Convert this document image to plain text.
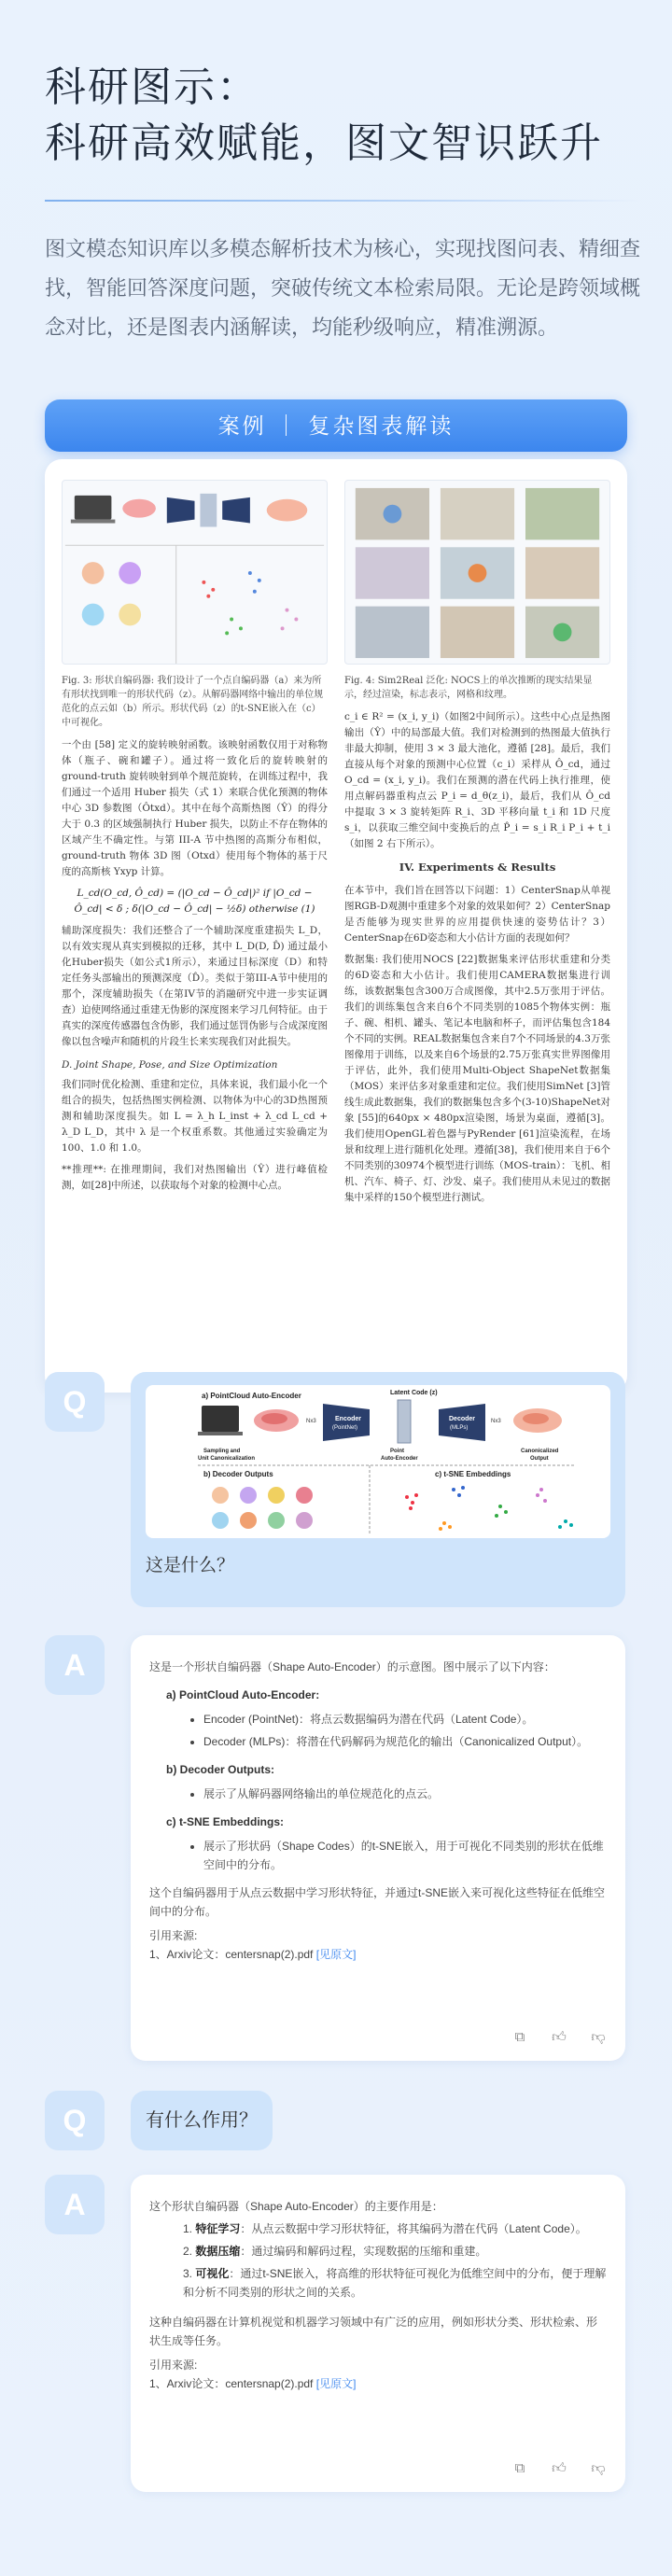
科研图示：
科研高效赋能，图文智识跃升

图文模态知识库以多模态解析技术为核心，实现找图问表、精细查找，智能回答深度问题，突破传统文本检索局限。无论是跨领域概念对比，还是图表内涵解读，均能秒级响应，精准溯源。

案例 ｜ 复杂图表解读
Fig. 3: 形状自编码器: 我们设计了一个点自编码器（a）来为所有形状找到唯一的形状代码（z）。从解码器网络中输出的单位规范化的点云如（b）所示。形状代码（z）的t-SNE嵌入在（c）中可视化。
一个由 [58] 定义的旋转映射函数。该映射函数仅用于对称物体（瓶子、碗和罐子）。通过将一致化后的旋转映射的 ground-truth 旋转映射到单个规范旋转，在训练过程中，我们通过一个适用 Huber 损失（式 1）来联合优化预测的物体中心 3D 参数图（Ôtxd）。其中在每个高斯热图（Ŷ）的得分大于 0.3 的区域强制执行 Huber 损失，以防止不存在物体的区域产生不确定性。与第 III-A 节中热图的高斯分布相似，ground-truth 物体 3D 图（Otxd）使用每个物体的基于尺度的高斯核 Yxyp 计算。
L_cd(O_cd, Ô_cd) = (|O_cd − Ô_cd|)² if |O_cd − Ô_cd| < δ ; δ(|O_cd − Ô_cd| − ½δ) otherwise (1)
辅助深度损失：我们还整合了一个辅助深度重建损失 L_D，以有效实现从真实到模拟的迁移，其中 L_D(D, D̂) 通过最小化Huber损失（如公式1所示），来通过目标深度（D）和特定任务头部输出的预测深度（D̂）。类似于第III-A节中使用的那个，深度辅助损失（在第IV节的消融研究中进一步实证调查）迫使网络通过重建无伪影的深度图来学习几何特征。由于真实的深度传感器包含伪影，我们通过惩罚伪影与合成深度图像以包含噪声和随机的片段生长来实现我们对此损失。
D. Joint Shape, Pose, and Size Optimization
我们同时优化检测、重建和定位，具体来说，我们最小化一个组合的损失，包括热图实例检测、以物体为中心的3D热图预测和辅助深度损失。如 L = λ_h L_inst + λ_cd L_cd + λ_D L_D，其中 λ 是一个权重系数。其他通过实验确定为 100、1.0 和 1.0。
**推理**: 在推理期间，我们对热图输出（Ŷ）进行峰值检测，如[28]中所述，以获取每个对象的检测中心点。
Fig. 4: Sim2Real 泛化: NOCS上的单次推断的现实结果显示，经过渲染，标志表示，网格和纹理。
c_i ∈ R² = (x_i, y_i)（如图2中间所示）。这些中心点是热图输出（Ŷ）中的局部最大值。我们对检测到的热图最大值执行非最大抑制，使用 3 × 3 最大池化，遵循 [28]。最后，我们直接从每个对象的预测中心位置（c_i）采样从 Ô_cd，通过 O_cd = (x_i, y_i)。我们在预测的潜在代码上执行推理，使用点解码器重构点云 P_i = d_θ(z_i)，最后，我们从 Ô_cd 中提取 3 × 3 旋转矩阵 R_i、3D 平移向量 t_i 和 1D 尺度 s_i，以获取三维空间中变换后的点 P̂_i = s_i R_i P_i + t_i（如图 2 右下所示）。
IV. Experiments & Results
在本节中，我们旨在回答以下问题：1）CenterSnap从单视图RGB-D观测中重建多个对象的效果如何？2）CenterSnap是否能够为现实世界的应用提供快速的姿势估计？3）CenterSnap在6D姿态和大小估计方面的表现如何？
数据集: 我们使用NOCS [22]数据集来评估形状重建和分类的6D姿态和大小估计。我们使用CAMERA数据集进行训练，该数据集包含300万合成图像，其中2.5万张用于评估。我们的训练集包含来自6个不同类别的1085个物体实例：瓶子、碗、相机、罐头、笔记本电脑和杯子，而评估集包含184个不同的实例。REAL数据集包含来自7个不同场景的4.3万张图像用于训练，以及来自6个场景的2.75万张真实世界图像用于评估，此外，我们使用Multi-Object ShapeNet数据集（MOS）来评估多对象重建和定位。我们使用SimNet [3]管线生成此数据集，我们的数据集包含多个(3-10)ShapeNet对象 [55]的640px × 480px渲染图，场景为桌面，遵循[3]。我们使用OpenGL着色器与PyRender [61]渲染流程，在场景和纹理上进行随机化处理。遵循[38]，我们使用来自于6个不同类别的30974个模型进行训练（MOS-train）：飞机、相机、汽车、椅子、灯、沙发、桌子。我们使用从未见过的数据集中采样的150个模型进行测试。
Q	a) PointCloud Auto-Encoder	Latent Code (z)
Nx3	Encoder
(PointNet)
Decoder
(MLPs)
Nx3
Sampling and
Unit Canonicalization
Point
Auto-Encoder
Canonicalized
Output
b) Decoder Outputs	c) t-SNE Embeddings
这是什么？
A	这是一个形状自编码器（Shape Auto-Encoder）的示意图。图中展示了以下内容：
a) PointCloud Auto-Encoder:
• Encoder (PointNet)：将点云数据编码为潜在代码（Latent Code）。
• Decoder (MLPs)：将潜在代码解码为规范化的输出（Canonicalized Output）。
b) Decoder Outputs:
• 展示了从解码器网络输出的单位规范化的点云。
c) t-SNE Embeddings:
• 展示了形状码（Shape Codes）的t-SNE嵌入，用于可视化不同类别的形状在低维空间中的分布。
这个自编码器用于从点云数据中学习形状特征，并通过t-SNE嵌入来可视化这些特征在低维空间中的分布。
引用来源:
1、Arxiv论文：centersnap(2).pdf [见原文]
⧉ 👍︎ 👎︎
Q	有什么作用？
A	这个形状自编码器（Shape Auto-Encoder）的主要作用是：
1. 特征学习：从点云数据中学习形状特征，将其编码为潜在代码（Latent Code）。
2. 数据压缩：通过编码和解码过程，实现数据的压缩和重建。
3. 可视化：通过t-SNE嵌入，将高维的形状特征可视化为低维空间中的分布，便于理解和分析不同类别的形状之间的关系。
这种自编码器在计算机视觉和机器学习领域中有广泛的应用，例如形状分类、形状检索、形状生成等任务。
引用来源:
1、Arxiv论文：centersnap(2).pdf [见原文]
⧉ 👍︎ 👎︎
